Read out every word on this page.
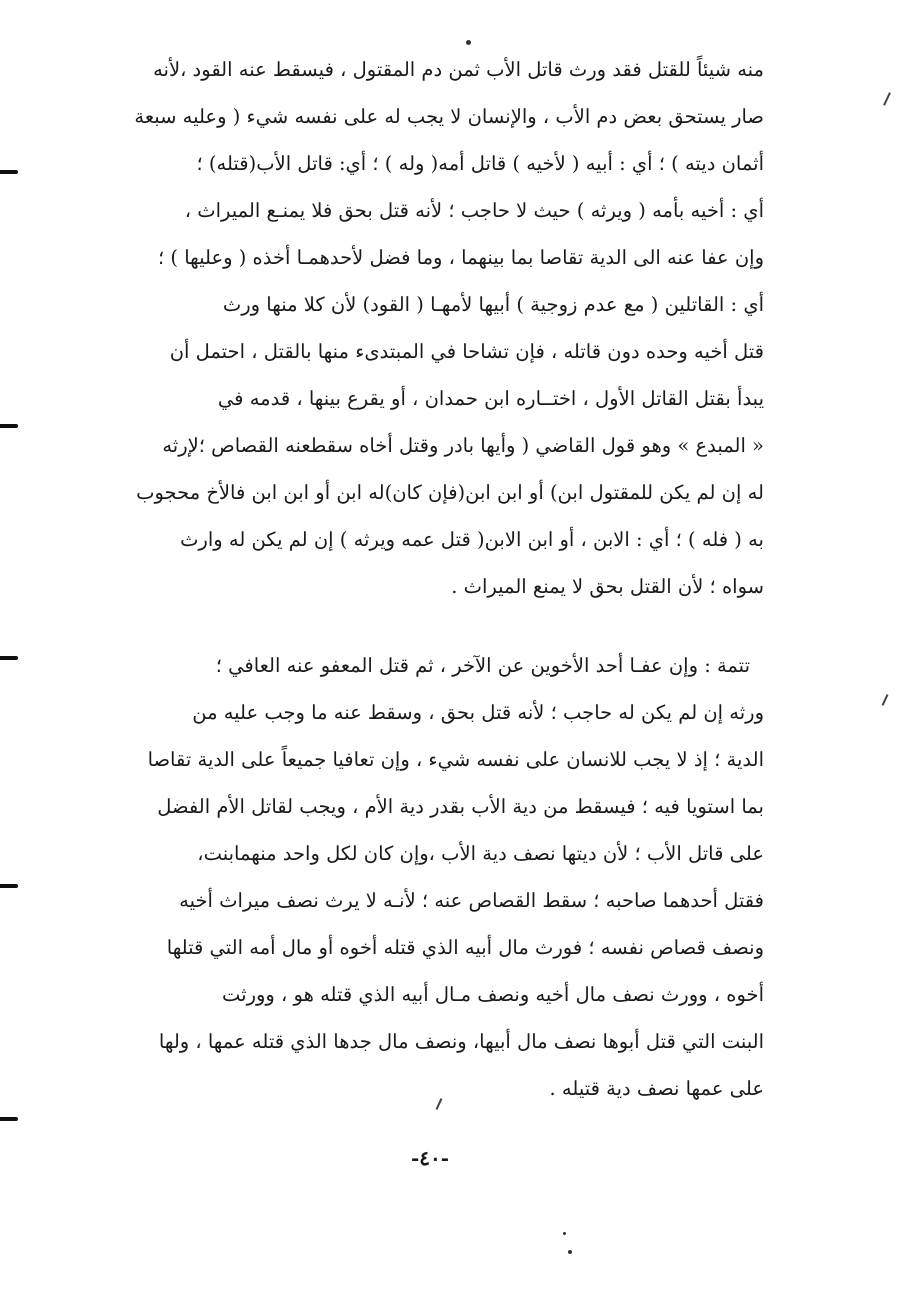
منه شيئاً للقتل فقد ورث قاتل الأب ثمن دم المقتول ، فيسقط عنه القود ،لأنه

صار يستحق بعض دم الأب ، والإنسان لا يجب له على نفسه شيء ( وعليه سبعة

أثمان ديته ) ؛ أي : أبيه ( لأخيه ) قاتل أمه( وله ) ؛ أي: قاتل الأب(قتله) ؛

أي : أخيه بأمه ( ويرثه ) حيث لا حاجب ؛ لأنه قتل بحق فلا يمنـع الميراث ،

وإن عفا عنه الى الدية تقاصا بما بينهما ، وما فضل لأحدهمـا أخذه ( وعليها ) ؛

أي : القاتلين ( مع عدم زوجية ) أبيها لأمهـا ( القود) لأن كلا منها ورث

قتل أخيه وحده دون قاتله ، فإن تشاحا في المبتدىء منها بالقتل ، احتمل أن

يبدأ بقتل القاتل الأول ، اختــاره ابن حمدان ، أو يقرع بينها ، قدمه في

« المبدع » وهو قول القاضي ( وأيها بادر وقتل أخاه سقطعنه القصاص ؛لإرثه

له إن لم يكن للمقتول ابن) أو ابن ابن(فإن كان)له ابن أو ابن ابن فالأخ محجوب

به ( فله ) ؛ أي : الابن ، أو ابن الابن( قتل عمه ويرثه ) إن لم يكن له وارث

سواه ؛ لأن القتل بحق لا يمنع الميراث .

تتمة : وإن عفـا أحد الأخوين عن الآخر ، ثم قتل المعفو عنه العافي ؛

ورثه إن لم يكن له حاجب ؛ لأنه قتل بحق ، وسقط عنه ما وجب عليه من

الدية ؛ إذ لا يجب للانسان على نفسه شيء ، وإن تعافيا جميعاً على الدية تقاصا

بما استويا فيه ؛ فيسقط من دية الأب بقدر دية الأم ، ويجب لقاتل الأم الفضل

على قاتل الأب ؛ لأن ديتها نصف دية الأب ،وإن كان لكل واحد منهمابنت،

فقتل أحدهما صاحبه ؛ سقط القصاص عنه ؛ لأنـه لا يرث نصف ميراث أخيه

ونصف قصاص نفسه ؛ فورث مال أبيه الذي قتله أخوه أو مال أمه التي قتلها

أخوه ، وورث نصف مال أخيه ونصف مـال أبيه الذي قتله هو ، وورثت

البنت التي قتل أبوها نصف مال أبيها، ونصف مال جدها الذي قتله عمها ، ولها

على عمها نصف دية قتيله .

-٤٠-
